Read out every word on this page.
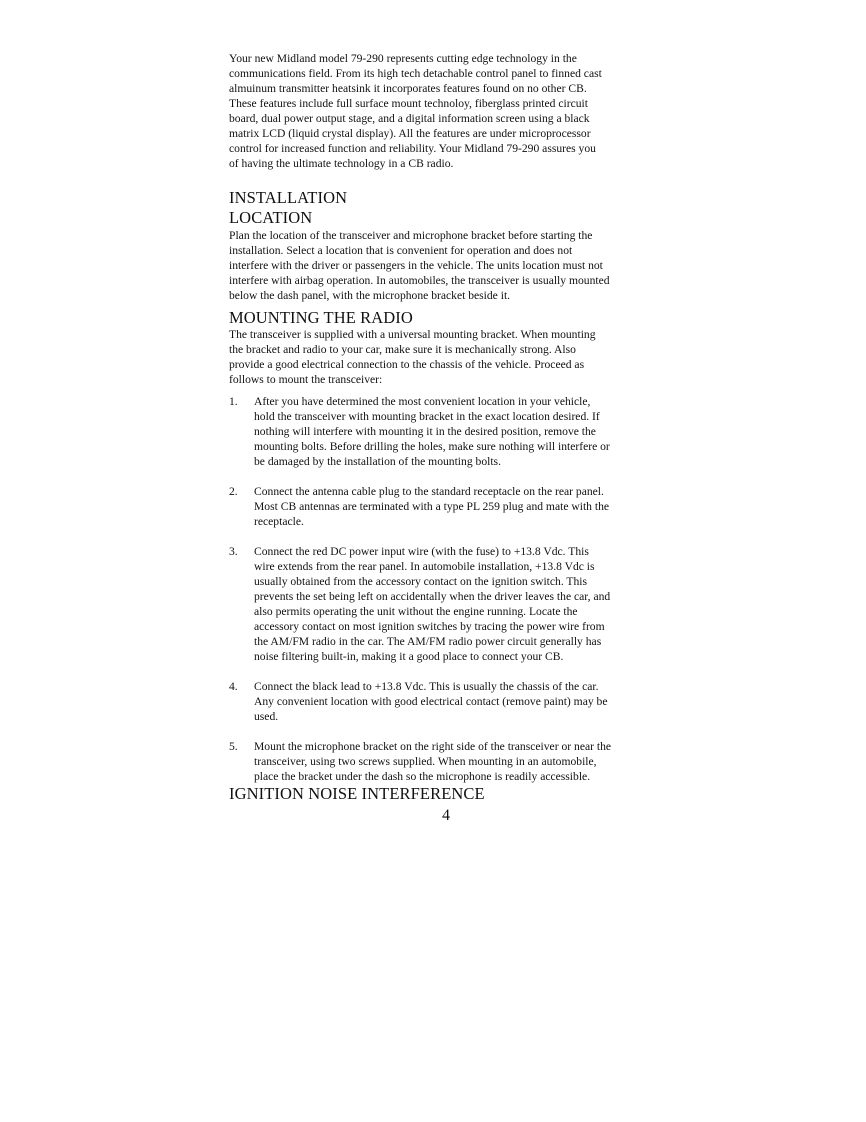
Your new Midland model 79-290 represents cutting edge technology in the
communications field. From its high tech detachable control panel to finned cast
almuinum transmitter heatsink it incorporates features found on no other CB.
These features include full surface mount technoloy, fiberglass printed circuit
board, dual power output stage, and a digital information screen using a black
matrix LCD (liquid crystal display). All the features are under microprocessor
control for increased function and reliability. Your Midland 79-290 assures you
of having the ultimate technology in a CB radio.

INSTALLATION
LOCATION

Plan the location of the transceiver and microphone bracket before starting the
installation. Select a location that is convenient for operation and does not
interfere with the driver or passengers in the vehicle. The units location must not
interfere with airbag operation. In automobiles, the transceiver is usually mounted
below the dash panel, with the microphone bracket beside it.

MOUNTING THE RADIO

The transceiver is supplied with a universal mounting bracket. When mounting
the bracket and radio to your car, make sure it is mechanically strong. Also
provide a good electrical connection to the chassis of the vehicle. Proceed as
follows to mount the transceiver:

1.	After you have determined the most convenient location in your vehicle,
hold the transceiver with mounting bracket in the exact location desired. If
nothing will interfere with mounting it in the desired position, remove the
mounting bolts. Before drilling the holes, make sure nothing will interfere or
be damaged by the installation of the mounting bolts.

2.	Connect the antenna cable plug to the standard receptacle on the rear panel.
Most CB antennas are terminated with a type PL 259 plug and mate with the
receptacle.

3.	Connect the red DC power input wire (with the fuse) to +13.8 Vdc. This
wire extends from the rear panel. In automobile installation, +13.8 Vdc is
usually obtained from the accessory contact on the ignition switch. This
prevents the set being left on accidentally when the driver leaves the car, and
also permits operating the unit without the engine running. Locate the
accessory contact on most ignition switches by tracing the power wire from
the AM/FM radio in the car. The AM/FM radio power circuit generally has
noise filtering built-in, making it a good place to connect your CB.

4.	Connect the black lead to +13.8 Vdc. This is usually the chassis of the car.
Any convenient location with good electrical contact (remove paint) may be
used.

5.	Mount the microphone bracket on the right side of the transceiver or near the
transceiver, using two screws supplied. When mounting in an automobile,
place the bracket under the dash so the microphone is readily accessible.

IGNITION NOISE INTERFERENCE
4
